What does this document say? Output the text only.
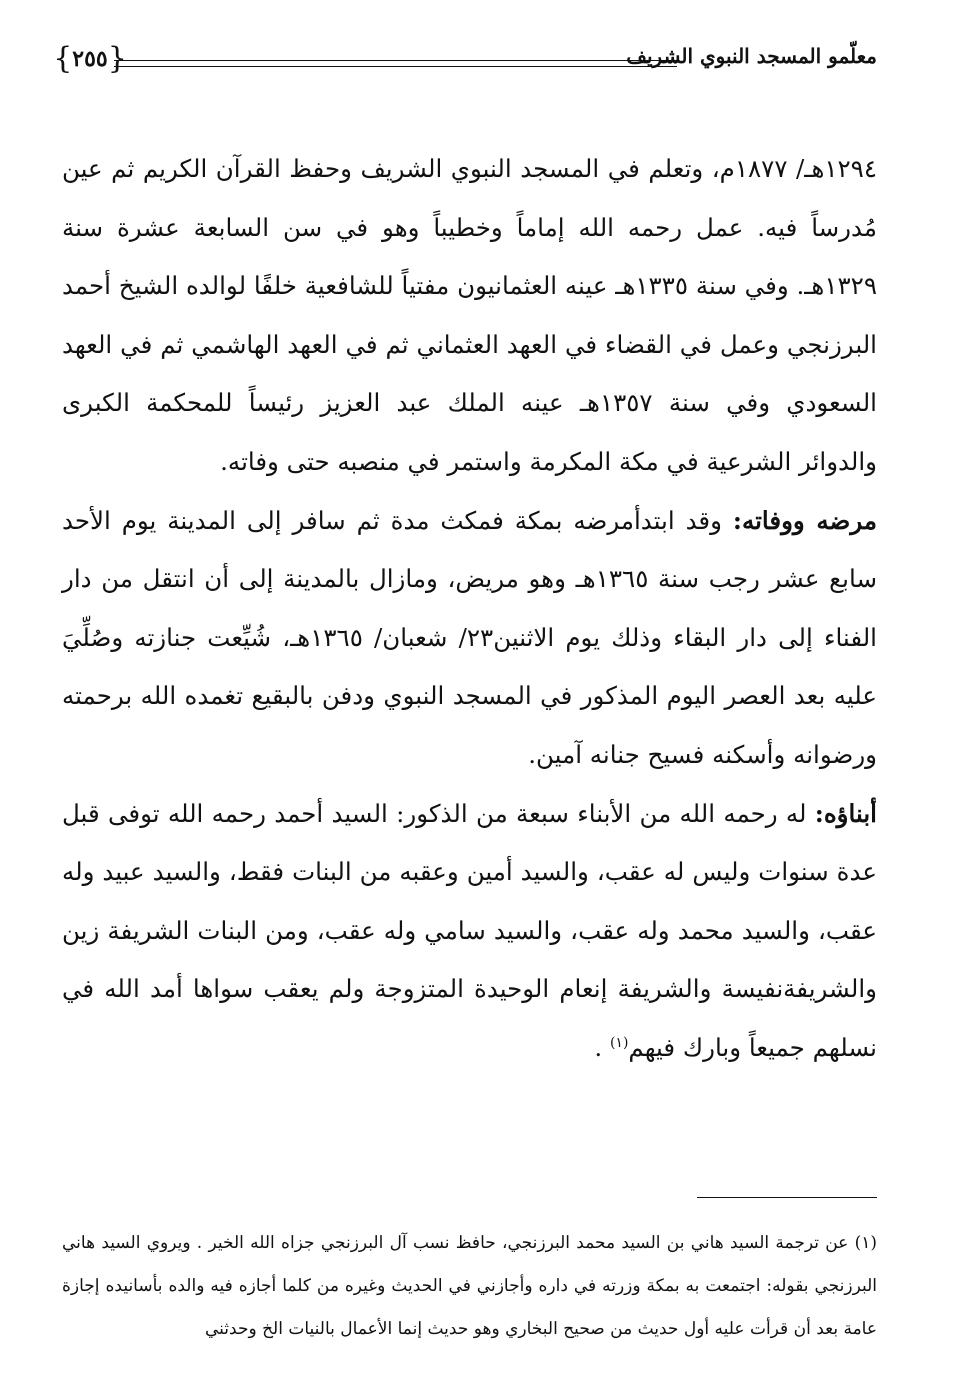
{ ٢٥٥ }	معلّمو المسجد النبوي الشريف

١٢٩٤هـ/ ١٨٧٧م، وتعلم في المسجد النبوي الشريف وحفظ القرآن الكريم ثم عين مُدرساً فيه. عمل رحمه الله إماماً وخطيباً وهو في سن السابعة عشرة سنة ١٣٢٩هـ. وفي سنة ١٣٣٥هـ عينه العثمانيون مفتياً للشافعية خلفًا لوالده الشيخ أحمد البرزنجي وعمل في القضاء في العهد العثماني ثم في العهد الهاشمي ثم في العهد السعودي وفي سنة ١٣٥٧هـ عينه الملك عبد العزيز رئيساً للمحكمة الكبرى والدوائر الشرعية في مكة المكرمة واستمر في منصبه حتى وفاته.

مرضه ووفاته: وقد ابتدأمرضه بمكة فمكث مدة ثم سافر إلى المدينة يوم الأحد سابع عشر رجب سنة ١٣٦٥هـ وهو مريض، ومازال بالمدينة إلى أن انتقل من دار الفناء إلى دار البقاء وذلك يوم الاثنين٢٣/ شعبان/ ١٣٦٥هـ، شُيِّعت جنازته وصُلِّيَ عليه بعد العصر اليوم المذكور في المسجد النبوي ودفن بالبقيع تغمده الله برحمته ورضوانه وأسكنه فسيح جنانه آمين.

أبناؤه: له رحمه الله من الأبناء سبعة من الذكور: السيد أحمد رحمه الله توفى قبل عدة سنوات وليس له عقب، والسيد أمين وعقبه من البنات فقط، والسيد عبيد وله عقب، والسيد محمد وله عقب، والسيد سامي وله عقب، ومن البنات الشريفة زين والشريفةنفيسة والشريفة إنعام الوحيدة المتزوجة ولم يعقب سواها أمد الله في نسلهم جميعاً وبارك فيهم$^{(١)}$ .

(١) عن ترجمة السيد هاني بن السيد محمد البرزنجي، حافظ نسب آل البرزنجي جزاه الله الخير . ويروي السيد هاني البرزنجي بقوله: اجتمعت به بمكة وزرته في داره وأجازني في الحديث وغيره من كلما أجازه فيه والده بأسانيده إجازة عامة بعد أن قرأت عليه أول حديث من صحيح البخاري وهو حديث إنما الأعمال بالنيات الخ وحدثني
